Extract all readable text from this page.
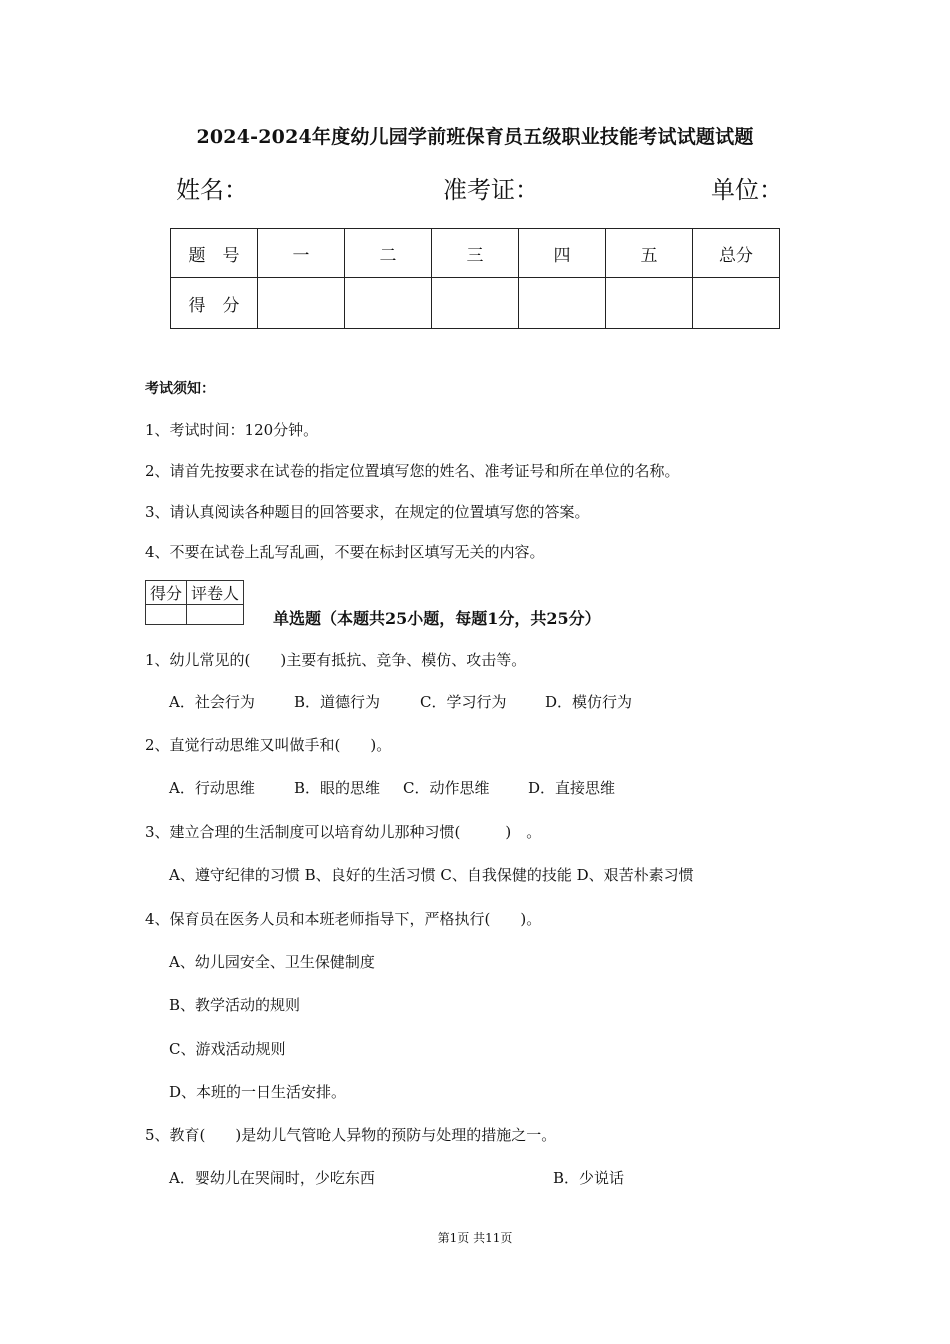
2024-2024年度幼儿园学前班保育员五级职业技能考试试题试题
姓名：	准考证：	单位：
题　号	一	二	三	四	五	总分
得　分						
考试须知：
1、考试时间：120分钟。
2、请首先按要求在试卷的指定位置填写您的姓名、准考证号和所在单位的名称。
3、请认真阅读各种题目的回答要求，在规定的位置填写您的答案。
4、不要在试卷上乱写乱画，不要在标封区填写无关的内容。
得分	评卷人

单选题（本题共25小题，每题1分，共25分）
1、幼儿常见的(　　)主要有抵抗、竞争、模仿、攻击等。
A．社会行为	B．道德行为	C．学习行为	D．模仿行为
2、直觉行动思维又叫做手和(　　)。
A．行动思维	B．眼的思维 C．动作思维	D．直接思维
3、建立合理的生活制度可以培育幼儿那种习惯(　　　)　。
A、遵守纪律的习惯 B、良好的生活习惯 C、自我保健的技能 D、艰苦朴素习惯
4、保育员在医务人员和本班老师指导下，严格执行(　　)。
A、幼儿园安全、卫生保健制度
B、教学活动的规则
C、游戏活动规则
D、本班的一日生活安排。
5、教育(　　)是幼儿气管呛人异物的预防与处理的措施之一。
A．婴幼儿在哭闹时，少吃东西	B．少说话
第1页 共11页
